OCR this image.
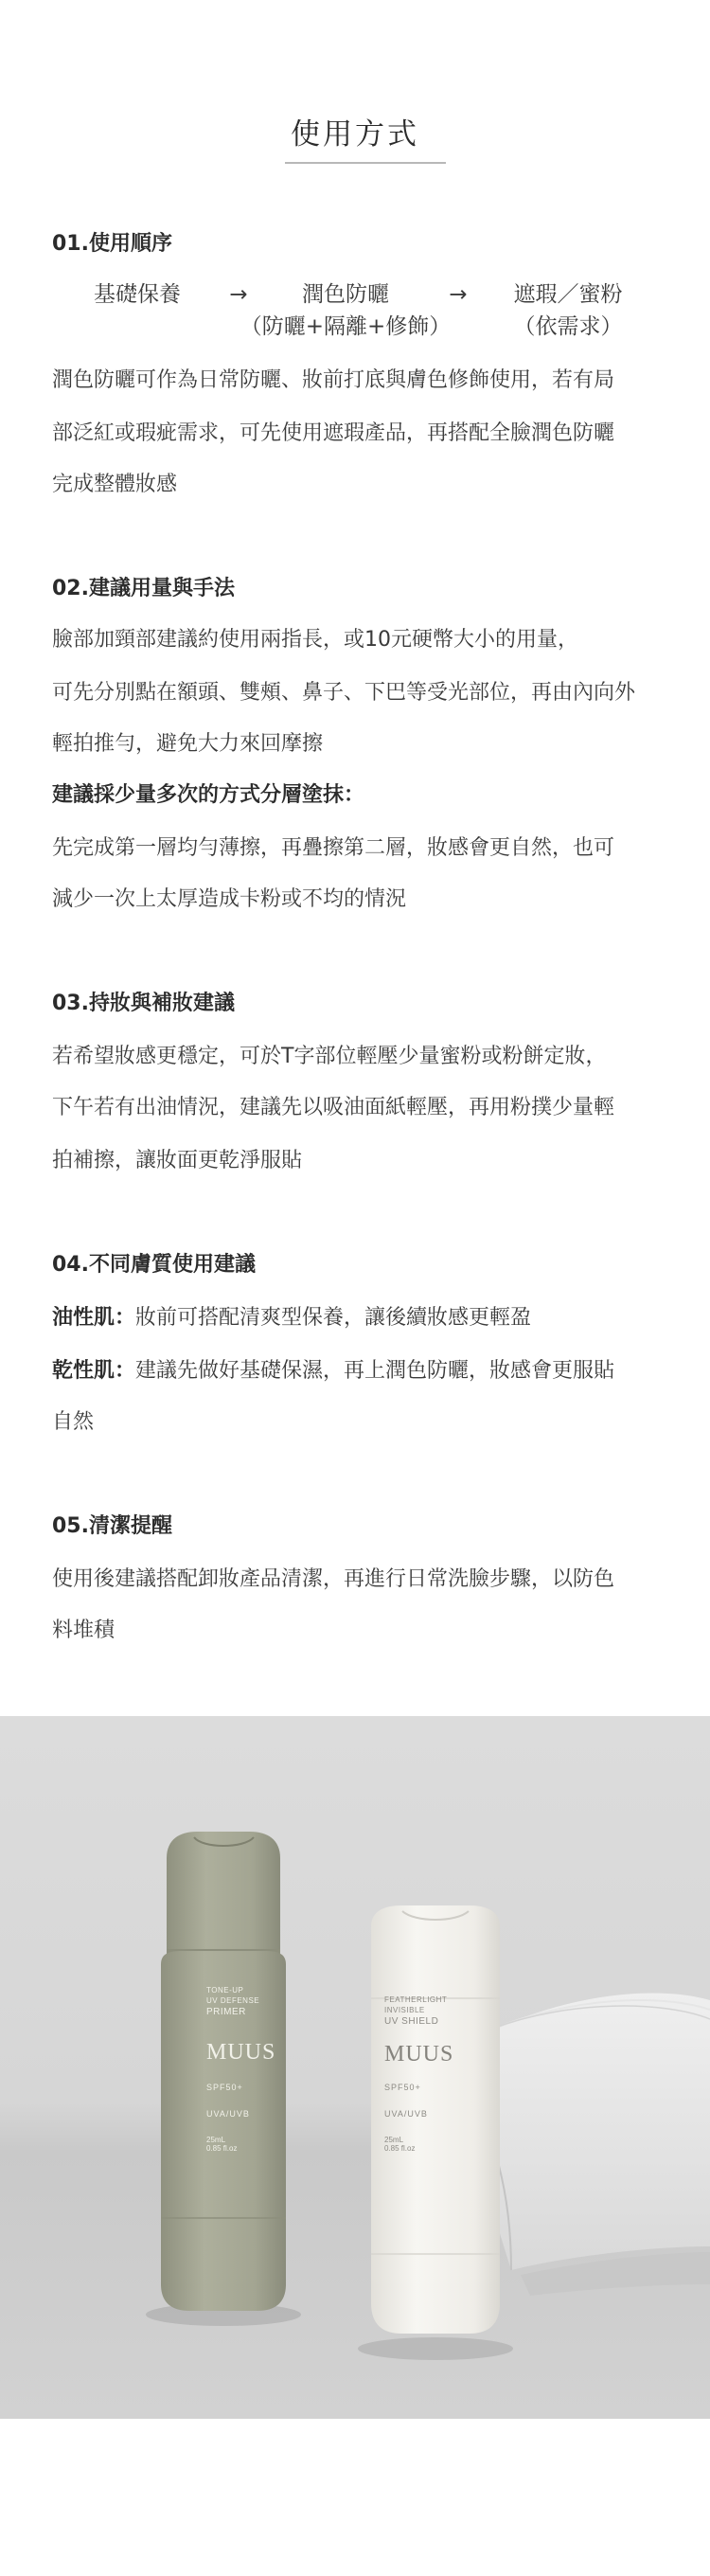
使用方式
01.使用順序
基礎保養	→	潤色防曬
（防曬+隔離+修飾）
→	遮瑕／蜜粉
（依需求）
潤色防曬可作為日常防曬、妝前打底與膚色修飾使用，若有局
部泛紅或瑕疵需求，可先使用遮瑕產品，再搭配全臉潤色防曬
完成整體妝感
02.建議用量與手法
臉部加頸部建議約使用兩指長，或10元硬幣大小的用量，
可先分別點在額頭、雙頰、鼻子、下巴等受光部位，再由內向外
輕拍推勻，避免大力來回摩擦
建議採少量多次的方式分層塗抹：
先完成第一層均勻薄擦，再疊擦第二層，妝感會更自然，也可
減少一次上太厚造成卡粉或不均的情況
03.持妝與補妝建議
若希望妝感更穩定，可於T字部位輕壓少量蜜粉或粉餅定妝，
下午若有出油情況，建議先以吸油面紙輕壓，再用粉撲少量輕
拍補擦，讓妝面更乾淨服貼
04.不同膚質使用建議
油性肌：妝前可搭配清爽型保養，讓後續妝感更輕盈
乾性肌：建議先做好基礎保濕，再上潤色防曬，妝感會更服貼
自然
05.清潔提醒
使用後建議搭配卸妝產品清潔，再進行日常洗臉步驟，以防色
料堆積
TONE-UP
UV DEFENSE
PRIMER
MUUS
SPF50+
UVA/UVB
25mL
0.85 fl.oz
FEATHERLIGHT
INVISIBLE
UV SHIELD
MUUS
SPF50+
UVA/UVB
25mL
0.85 fl.oz
